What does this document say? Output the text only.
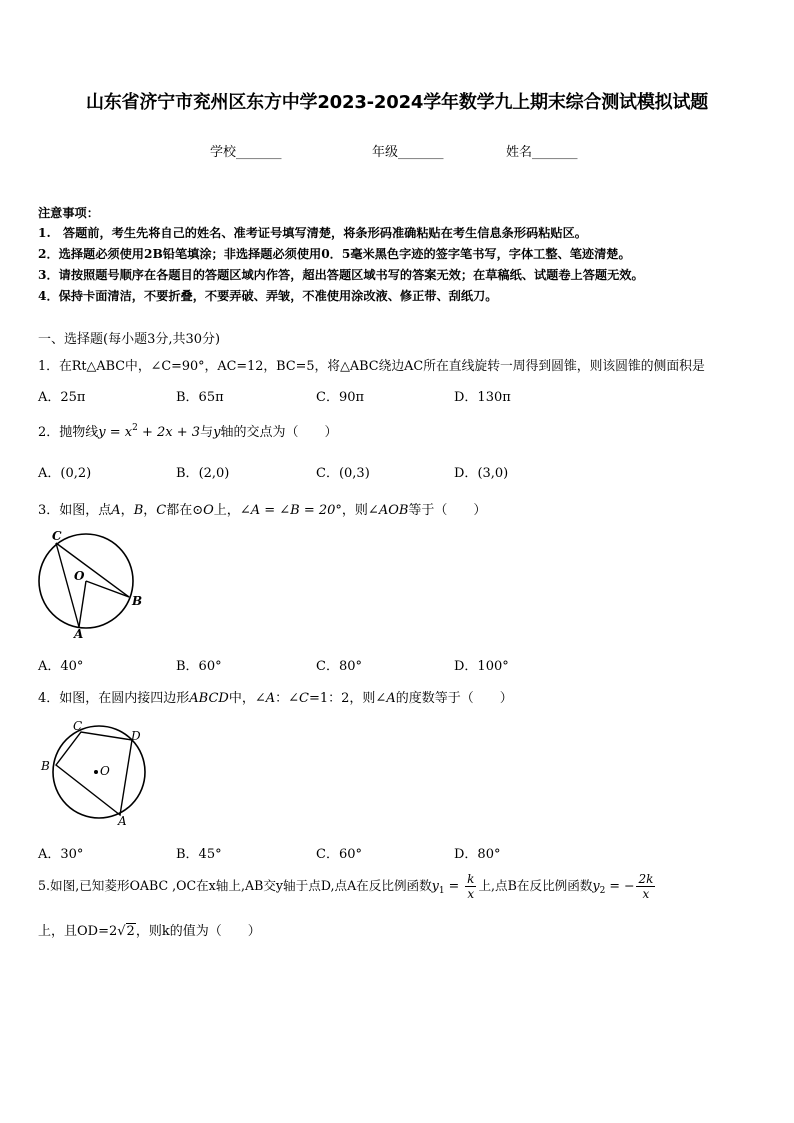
山东省济宁市兖州区东方中学2023-2024学年数学九上期末综合测试模拟试题
学校_______	年级_______	姓名_______
注意事项：
1.　答题前，考生先将自己的姓名、准考证号填写清楚，将条形码准确粘贴在考生信息条形码粘贴区。
2．选择题必须使用2B铅笔填涂；非选择题必须使用0．5毫米黑色字迹的签字笔书写，字体工整、笔迹清楚。
3．请按照题号顺序在各题目的答题区域内作答，超出答题区域书写的答案无效；在草稿纸、试题卷上答题无效。
4．保持卡面清洁，不要折叠，不要弄破、弄皱，不准使用涂改液、修正带、刮纸刀。
一、选择题(每小题3分,共30分)
1．在Rt△ABC中，∠C=90°，AC=12，BC=5，将△ABC绕边AC所在直线旋转一周得到圆锥，则该圆锥的侧面积是
A．25π	B．65π	C．90π	D．130π
2．抛物线$y = x^2 + 2x + 3$与y轴的交点为（　　）
A．(0,2)	B．(2,0)	C．(0,3)	D．(3,0)
3．如图，点A，B，C都在⊙O上，∠A = ∠B = 20°，则∠AOB等于（　　）
C
O
B
A
A．40°	B．60°	C．80°	D．100°
4．如图，在圆内接四边形ABCD中，∠A：∠C=1：2，则∠A的度数等于（　　）
C
D
B	O
A
A．30°	B．45°	C．60°	D．80°
5.如图,已知菱形OABC ,OC在x轴上,AB交y轴于点D,点A在反比例函数$y_1 = \frac{k}{x}$ 上,点B在反比例函数$y_2$ = − $\frac{2k}{x}$
上，且OD=2√2，则k的值为（　　）
